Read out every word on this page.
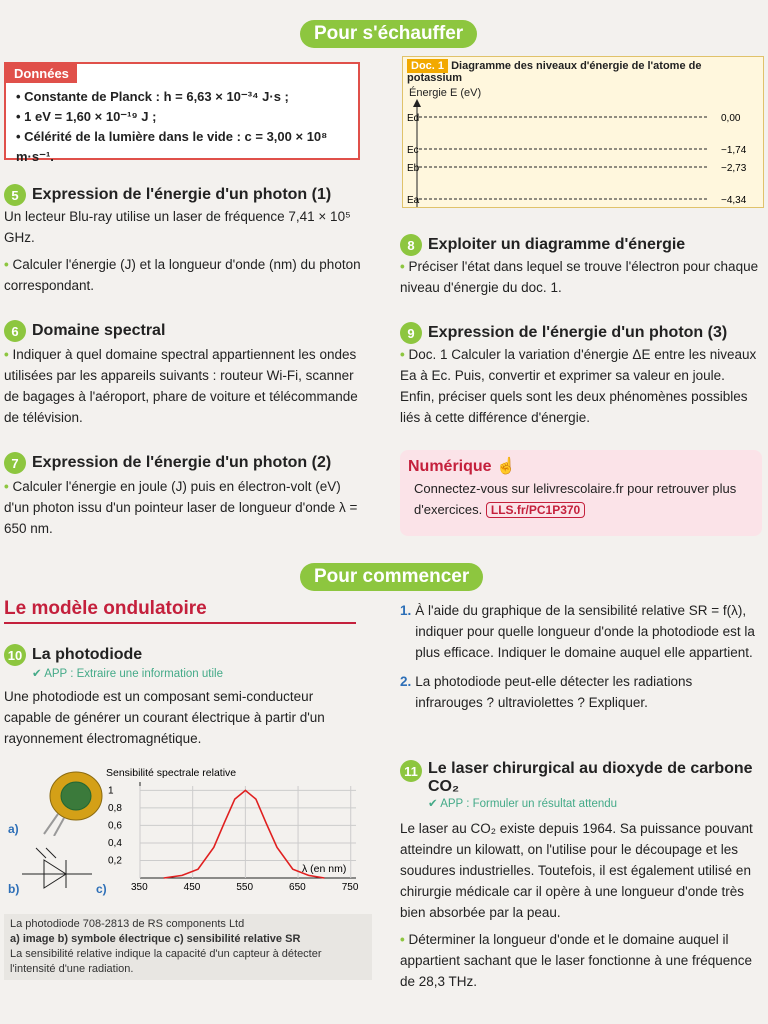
Pour s'échauffer
Données
• Constante de Planck : h = 6,63 × 10⁻³⁴ J·s ;
• 1 eV = 1,60 × 10⁻¹⁹ J ;
• Célérité de la lumière dans le vide : c = 3,00 × 10⁸ m·s⁻¹.
5 Expression de l'énergie d'un photon (1)
Un lecteur Blu-ray utilise un laser de fréquence 7,41 × 10⁵ GHz.
• Calculer l'énergie (J) et la longueur d'onde (nm) du photon correspondant.
6 Domaine spectral
• Indiquer à quel domaine spectral appartiennent les ondes utilisées par les appareils suivants : routeur Wi-Fi, scanner de bagages à l'aéroport, phare de voiture et télécommande de télévision.
7 Expression de l'énergie d'un photon (2)
• Calculer l'énergie en joule (J) puis en électron-volt (eV) d'un photon issu d'un pointeur laser de longueur d'onde λ = 650 nm.
Doc. 1 Diagramme des niveaux d'énergie de l'atome de potassium
Énergie E (eV)
Ed	0,00
Ec	−1,74
Eb	−2,73
Ea	−4,34
8 Exploiter un diagramme d'énergie
• Préciser l'état dans lequel se trouve l'électron pour chaque niveau d'énergie du doc. 1.
9 Expression de l'énergie d'un photon (3)
• Doc. 1 Calculer la variation d'énergie ΔE entre les niveaux Ea à Ec. Puis, convertir et exprimer sa valeur en joule. Enfin, préciser quels sont les deux phénomènes possibles liés à cette différence d'énergie.
Numérique ☝
Connectez-vous sur lelivrescolaire.fr pour retrouver plus d'exercices. LLS.fr/PC1P370
Pour commencer
Le modèle ondulatoire
10 La photodiode
✔ APP : Extraire une information utile
Une photodiode est un composant semi-conducteur capable de générer un courant électrique à partir d'un rayonnement électromagnétique.
a)
b)	c)
Sensibilité spectrale relative
λ (en nm)
350	450	550	650	750
0,2
0,4
0,6
0,8
1
La photodiode 708-2813 de RS components Ltd
a) image b) symbole électrique c) sensibilité relative SR
La sensibilité relative indique la capacité d'un capteur à détecter l'intensité d'une radiation.
1. À l'aide du graphique de la sensibilité relative SR = f(λ), indiquer pour quelle longueur d'onde la photodiode est la plus efficace. Indiquer le domaine auquel elle appartient.
2. La photodiode peut-elle détecter les radiations infrarouges ? ultraviolettes ? Expliquer.
11 Le laser chirurgical au dioxyde de carbone CO₂
✔ APP : Formuler un résultat attendu
Le laser au CO₂ existe depuis 1964. Sa puissance pouvant atteindre un kilowatt, on l'utilise pour le découpage et les soudures industrielles. Toutefois, il est également utilisé en chirurgie médicale car il opère à une longueur d'onde très bien absorbée par la peau.
• Déterminer la longueur d'onde et le domaine auquel il appartient sachant que le laser fonctionne à une fréquence de 28,3 THz.
